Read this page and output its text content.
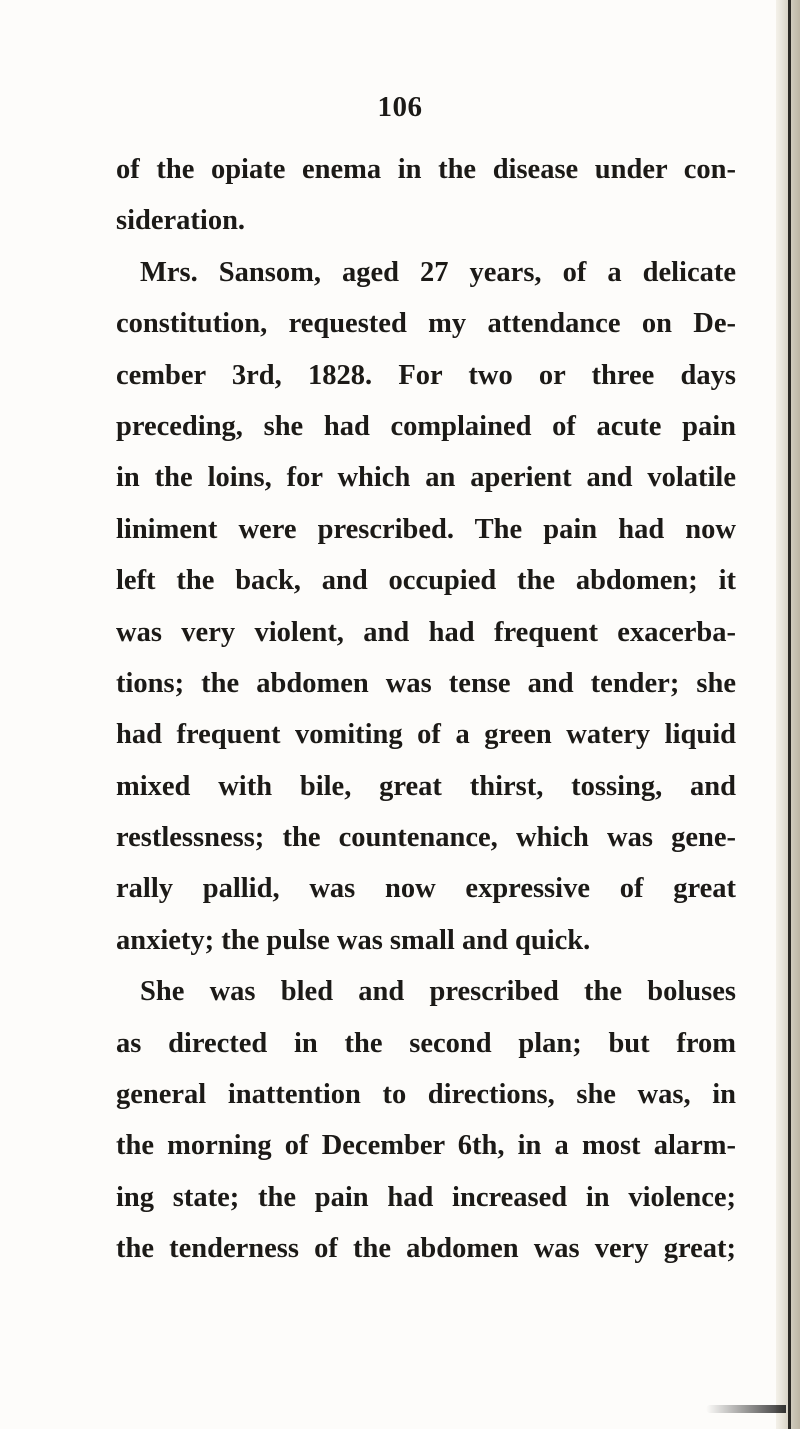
106
of the opiate enema in the disease under con-
sideration.
Mrs. Sansom, aged 27 years, of a delicate
constitution, requested my attendance on De-
cember 3rd, 1828. For two or three days
preceding, she had complained of acute pain
in the loins, for which an aperient and volatile
liniment were prescribed. The pain had now
left the back, and occupied the abdomen; it
was very violent, and had frequent exacerba-
tions; the abdomen was tense and tender; she
had frequent vomiting of a green watery liquid
mixed with bile, great thirst, tossing, and
restlessness; the countenance, which was gene-
rally pallid, was now expressive of great
anxiety; the pulse was small and quick.
She was bled and prescribed the boluses
as directed in the second plan; but from
general inattention to directions, she was, in
the morning of December 6th, in a most alarm-
ing state; the pain had increased in violence;
the tenderness of the abdomen was very great;
